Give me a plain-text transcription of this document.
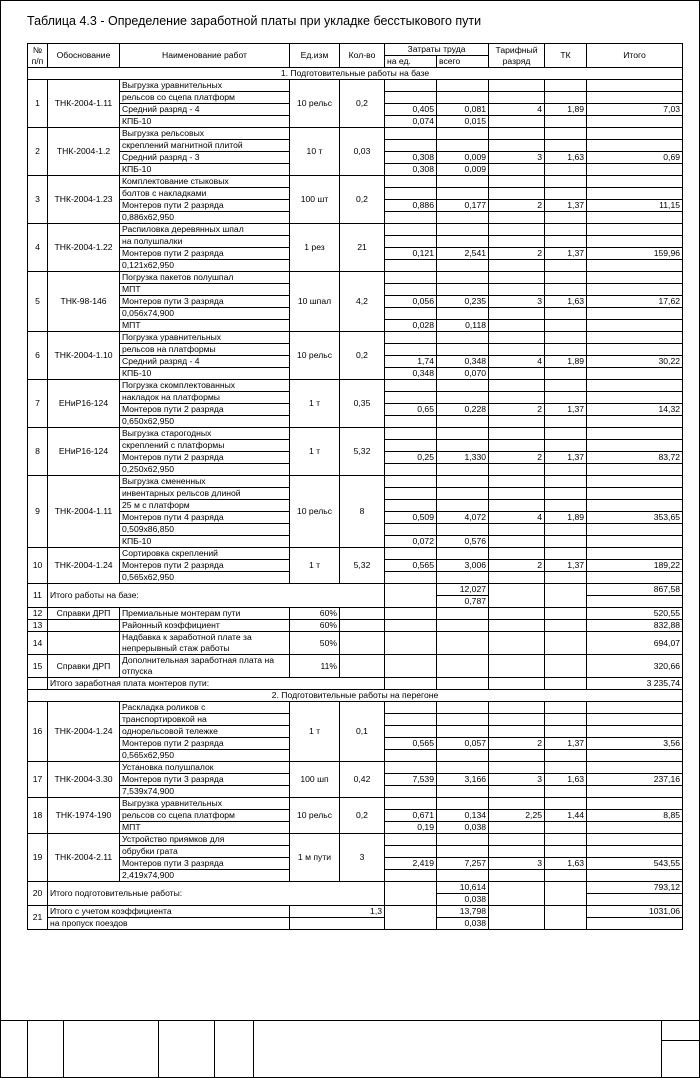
Таблица 4.3 - Определение заработной платы при укладке бесстыкового пути
№ п/п	Обоснование	Наименование работ	Ед.изм	Кол-во	Затраты труда		Тарифный разряд	ТК	Итого
					на ед.	всего			
1. Подготовительные работы на базе									
1	ТНК-2004-1.11	Выгрузка уравнительных	10 рельс	0,2					
		рельсов со сцепа платформ							
		Средний разряд - 4			0,405	0,081	4	1,89	7,03
		КПБ-10			0,074	0,015			
2	ТНК-2004-1.2	Выгрузка рельсовых	10 т	0,03					
		скреплений магнитной плитой							
		Средний разряд - 3			0,308	0,009	3	1,63	0,69
		КПБ-10			0,308	0,009			
3	ТНК-2004-1.23	Комплектование стыковых	100 шт	0,2					
		болтов с накладками							
		Монтеров пути 2 разряда			0,886	0,177	2	1,37	11,15
		0,886х62,950							
4	ТНК-2004-1.22	Распиловка деревянных шпал	1 рез	21					
		на полушпалки							
		Монтеров пути 2 разряда			0,121	2,541	2	1,37	159,96
		0,121х62,950							
5	ТНК-98-146	Погрузка пакетов полушпал	10 шпал	4,2					
		МПТ							
		Монтеров пути 3 разряда			0,056	0,235	3	1,63	17,62
		0,056х74,900							
		МПТ			0,028	0,118			
6	ТНК-2004-1.10	Погрузка уравнительных	10 рельс	0,2					
		рельсов на платформы							
		Средний разряд - 4			1,74	0,348	4	1,89	30,22
		КПБ-10			0,348	0,070			
7	ЕНиР16-124	Погрузка скомплектованных	1 т	0,35					
		накладок на платформы							
		Монтеров пути 2 разряда			0,65	0,228	2	1,37	14,32
		0,650х62,950							
8	ЕНиР16-124	Выгрузка старогодных	1 т	5,32					
		скреплений с платформы							
		Монтеров пути 2 разряда			0,25	1,330	2	1,37	83,72
		0,250х62,950							
9	ТНК-2004-1.11	Выгрузка смененных	10 рельс	8					
		инвентарных рельсов длиной							
		25 м с платформ							
		Монтеров пути 4 разряда			0,509	4,072	4	1,89	353,65
		0,509х86,850							
		КПБ-10			0,072	0,576			
10	ТНК-2004-1.24	Сортировка скреплений	1 т	5,32					
		Монтеров пути 2 разряда			0,565	3,006	2	1,37	189,22
		0,565х62,950							
11	Итого работы на базе:					12,027			867,58
						0,787			
12	Справки ДРП	Премиальные монтерам пути	60%						520,55
13		Районный коэффициент	60%						832,88
14		Надбавка к заработной плате за непрерывный стаж работы	50%						694,07
15	Справки ДРП	Дополнительная заработная плата на отпуска	11%						320,66
	Итого заработная плата монтеров пути:								3 235,74
2. Подготовительные работы на перегоне									
16	ТНК-2004-1.24	Раскладка роликов с	1 т	0,1					
		транспортировкой на							
		однорельсовой тележке							
		Монтеров пути 2 разряда			0,565	0,057	2	1,37	3,56
		0,565х62,950							
17	ТНК-2004-3.30	Установка полушпалок	100 шп	0,42					
		Монтеров пути 3 разряда			7,539	3,166	3	1,63	237,16
		7,539х74,900							
18	ТНК-1974-190	Выгрузка уравнительных	10 рельс	0,2					
		рельсов со сцепа платформ			0,671	0,134	2,25	1,44	8,85
		МПТ			0,19	0,038			
19	ТНК-2004-2.11	Устройство приямков для	1 м пути	3					
		обрубки грата							
		Монтеров пути 3 разряда			2,419	7,257	3	1,63	543,55
		2,419х74,900							
20	Итого подготовительные работы:					10,614			793,12
						0,038			
21	Итого с учетом коэффициента		1,3			13,798			1031,06
	на пропуск поездов					0,038			
